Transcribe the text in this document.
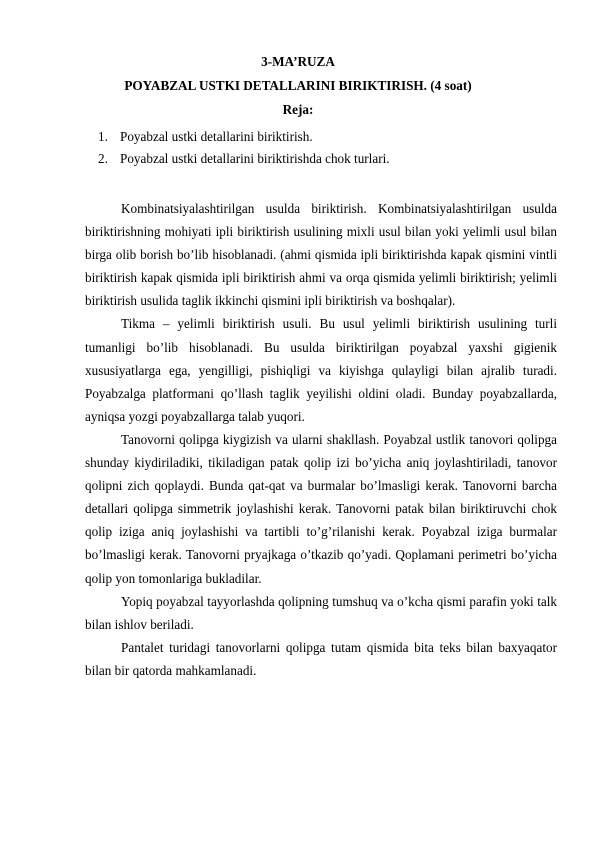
3-MA’RUZA
POYABZAL USTKI DETALLARINI BIRIKTIRISH. (4 soat)
Reja:
1. Poyabzal ustki detallarini biriktirish.
2. Poyabzal ustki detallarini biriktirishda chok turlari.

Kombinatsiyalashtirilgan usulda biriktirish. Kombinatsiyalashtirilgan usulda biriktirishning mohiyati ipli biriktirish usulining mixli usul bilan yoki yelimli usul bilan birga olib borish bo’lib hisoblanadi. (ahmi qismida ipli biriktirishda kapak qismini vintli biriktirish kapak qismida ipli biriktirish ahmi va orqa qismida yelimli biriktirish; yelimli biriktirish usulida taglik ikkinchi qismini ipli biriktirish va boshqalar).

Tikma – yelimli biriktirish usuli. Bu usul yelimli biriktirish usulining turli tumanligi bo’lib hisoblanadi. Bu usulda biriktirilgan poyabzal yaxshi gigienik xususiyatlarga ega, yengilligi, pishiqligi va kiyishga qulayligi bilan ajralib turadi. Poyabzalga platformani qo’llash taglik yeyilishi oldini oladi. Bunday poyabzallarda, ayniqsa yozgi poyabzallarga talab yuqori.

Tanovorni qolipga kiygizish va ularni shakllash. Poyabzal ustlik tanovori qolipga shunday kiydiriladiki, tikiladigan patak qolip izi bo’yicha aniq joylashtiriladi, tanovor qolipni zich qoplaydi. Bunda qat-qat va burmalar bo’lmasligi kerak. Tanovorni barcha detallari qolipga simmetrik joylashishi kerak. Tanovorni patak bilan biriktiruvchi chok qolip iziga aniq joylashishi va tartibli to’g’rilanishi kerak. Poyabzal iziga burmalar bo’lmasligi kerak. Tanovorni pryajkaga o’tkazib qo’yadi. Qoplamani perimetri bo’yicha qolip yon tomonlariga bukladilar.

Yopiq poyabzal tayyorlashda qolipning tumshuq va o’kcha qismi parafin yoki talk bilan ishlov beriladi.

Pantalet turidagi tanovorlarni qolipga tutam qismida bita teks bilan baxyaqator bilan bir qatorda mahkamlanadi.
